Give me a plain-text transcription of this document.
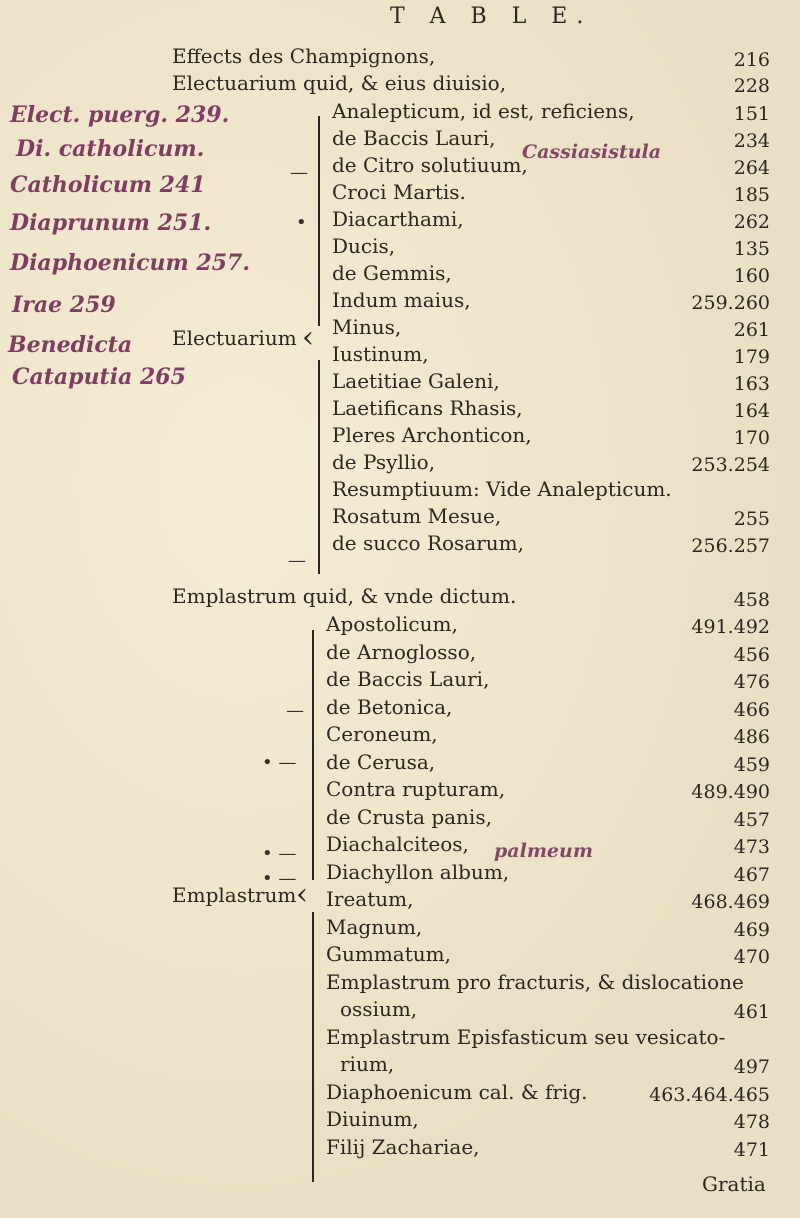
T A B L E.
Effects des Champignons,	216
Electuarium quid, & eius diuisio,	228
Elect. puerg. 239.
Di. catholicum.
Catholicum 241
Diaprunum 251.
Diaphoenicum 257.
Irae 259
Benedicta
Cataputia 265
Cassiasistula
palmeum
Electuarium ‹
—
•
—
Analepticum, id est, reficiens,	151
de Baccis Lauri,	234
de Citro solutiuum,	264
Croci Martis.	185
Diacarthami,	262
Ducis,	135
de Gemmis,	160
Indum maius,	259.260
Minus,	261
Iustinum,	179
Laetitiae Galeni,	163
Laetificans Rhasis,	164
Pleres Archonticon,	170
de Psyllio,	253.254
Resumptiuum: Vide Analepticum.
Rosatum Mesue,	255
de succo Rosarum,	256.257
Emplastrum quid, & vnde dictum.	458
Emplastrum ‹
—
• —
• —
• —
Apostolicum,	491.492
de Arnoglosso,	456
de Baccis Lauri,	476
de Betonica,	466
Ceroneum,	486
de Cerusa,	459
Contra rupturam,	489.490
de Crusta panis,	457
Diachalciteos,	473
Diachyllon album,	467
Ireatum,	468.469
Magnum,	469
Gummatum,	470
Emplastrum pro fracturis, & dislocatione
ossium,	461
Emplastrum Episfasticum seu vesicato-
rium,	497
Diaphoenicum cal. & frig.	463.464.465
Diuinum,	478
Filij Zachariae,	471
Gratia
